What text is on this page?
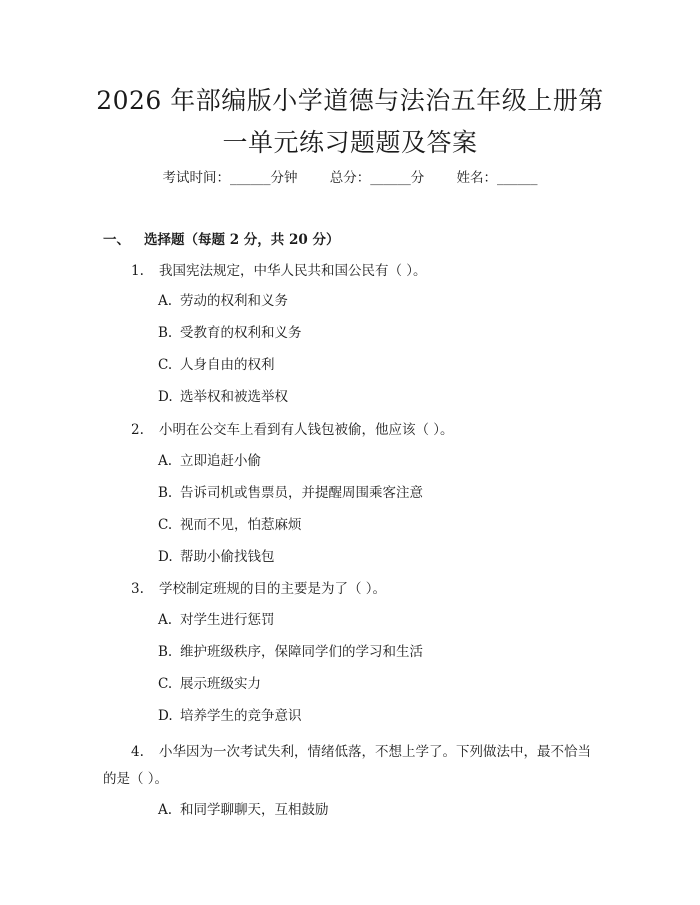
2026 年部编版小学道德与法治五年级上册第
一单元练习题题及答案
考试时间：______分钟 总分：______分 姓名：______
一、 选择题（每题 2 分，共 20 分）
1. 我国宪法规定，中华人民共和国公民有（ ）。
A. 劳动的权利和义务
B. 受教育的权利和义务
C. 人身自由的权利
D. 选举权和被选举权
2. 小明在公交车上看到有人钱包被偷，他应该（ ）。
A. 立即追赶小偷
B. 告诉司机或售票员，并提醒周围乘客注意
C. 视而不见，怕惹麻烦
D. 帮助小偷找钱包
3. 学校制定班规的目的主要是为了（ ）。
A. 对学生进行惩罚
B. 维护班级秩序，保障同学们的学习和生活
C. 展示班级实力
D. 培养学生的竞争意识
4. 小华因为一次考试失利，情绪低落，不想上学了。下列做法中，最不恰当
的是（ ）。
A. 和同学聊聊天，互相鼓励
